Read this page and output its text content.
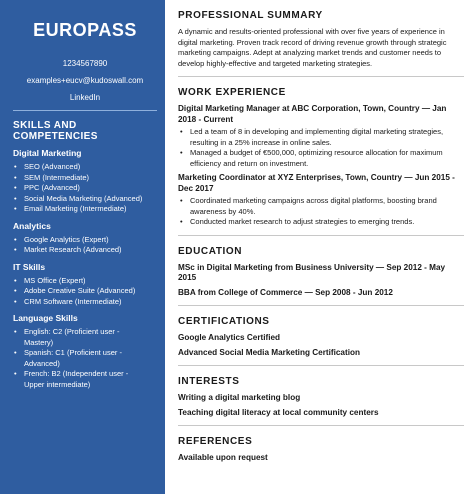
EUROPASS
1234567890
examples+eucv@kudoswall.com
LinkedIn
SKILLS AND COMPETENCIES
Digital Marketing
• SEO (Advanced)
• SEM (Intermediate)
• PPC (Advanced)
• Social Media Marketing (Advanced)
• Email Marketing (Intermediate)
Analytics
• Google Analytics (Expert)
• Market Research (Advanced)
IT Skills
• MS Office (Expert)
• Adobe Creative Suite (Advanced)
• CRM Software (Intermediate)
Language Skills
• English: C2 (Proficient user - Mastery)
• Spanish: C1 (Proficient user - Advanced)
• French: B2 (Independent user - Upper intermediate)
PROFESSIONAL SUMMARY

A dynamic and results-oriented professional with over five years of experience in digital marketing. Proven track record of driving revenue growth through strategic marketing campaigns. Adept at analyzing market trends and customer needs to develop highly-effective and targeted marketing strategies.

WORK EXPERIENCE
Digital Marketing Manager at ABC Corporation, Town, Country — Jan 2018 - Current
• Led a team of 8 in developing and implementing digital marketing strategies, resulting in a 25% increase in online sales.
• Managed a budget of €500,000, optimizing resource allocation for maximum efficiency and return on investment.
Marketing Coordinator at XYZ Enterprises, Town, Country — Jun 2015 - Dec 2017
• Coordinated marketing campaigns across digital platforms, boosting brand awareness by 40%.
• Conducted market research to adjust strategies to emerging trends.
EDUCATION
MSc in Digital Marketing from Business University — Sep 2012 - May 2015
BBA from College of Commerce — Sep 2008 - Jun 2012
CERTIFICATIONS
Google Analytics Certified
Advanced Social Media Marketing Certification
INTERESTS
Writing a digital marketing blog
Teaching digital literacy at local community centers
REFERENCES
Available upon request
